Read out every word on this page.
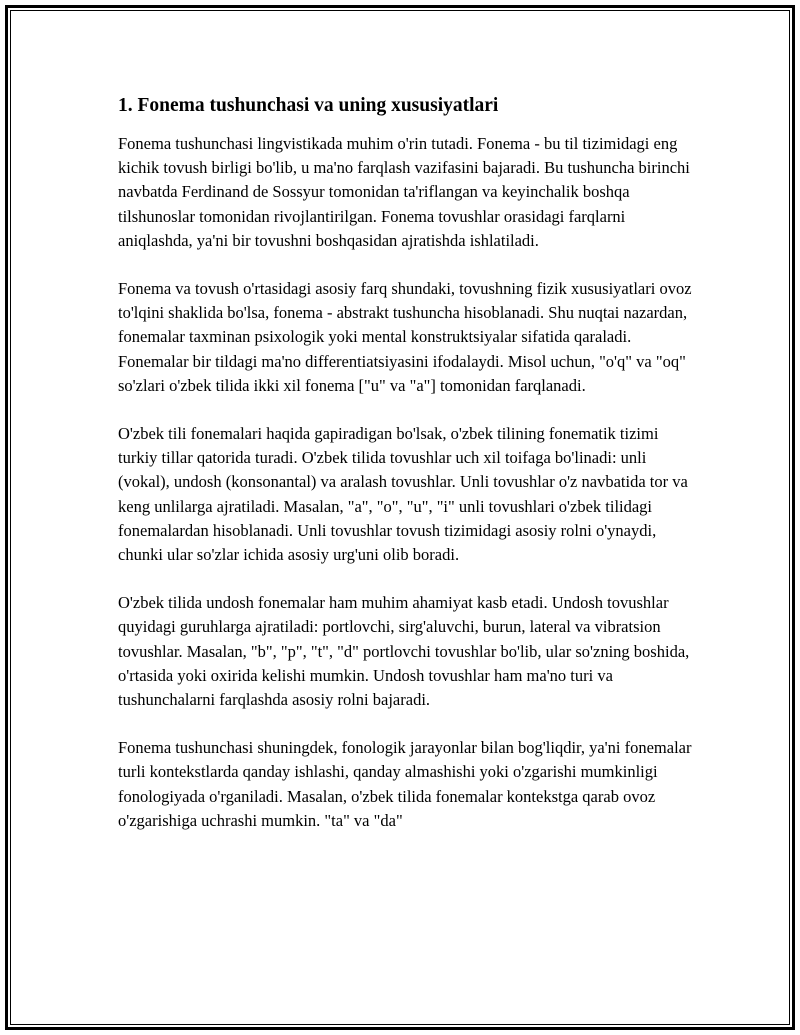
1. Fonema tushunchasi va uning xususiyatlari

Fonema tushunchasi lingvistikada muhim o'rin tutadi. Fonema - bu til tizimidagi eng kichik tovush birligi bo'lib, u ma'no farqlash vazifasini bajaradi. Bu tushuncha birinchi navbatda Ferdinand de Sossyur tomonidan ta'riflangan va keyinchalik boshqa tilshunoslar tomonidan rivojlantirilgan. Fonema tovushlar orasidagi farqlarni aniqlashda, ya'ni bir tovushni boshqasidan ajratishda ishlatiladi.

Fonema va tovush o'rtasidagi asosiy farq shundaki, tovushning fizik xususiyatlari ovoz to'lqini shaklida bo'lsa, fonema - abstrakt tushuncha hisoblanadi. Shu nuqtai nazardan, fonemalar taxminan psixologik yoki mental konstruktsiyalar sifatida qaraladi. Fonemalar bir tildagi ma'no differentiatsiyasini ifodalaydi. Misol uchun, "o'q" va "oq" so'zlari o'zbek tilida ikki xil fonema ["u" va "a"] tomonidan farqlanadi.

O'zbek tili fonemalari haqida gapiradigan bo'lsak, o'zbek tilining fonematik tizimi turkiy tillar qatorida turadi. O'zbek tilida tovushlar uch xil toifaga bo'linadi: unli (vokal), undosh (konsonantal) va aralash tovushlar. Unli tovushlar o'z navbatida tor va keng unlilarga ajratiladi. Masalan, "a", "o", "u", "i" unli tovushlari o'zbek tilidagi fonemalardan hisoblanadi. Unli tovushlar tovush tizimidagi asosiy rolni o'ynaydi, chunki ular so'zlar ichida asosiy urg'uni olib boradi.

O'zbek tilida undosh fonemalar ham muhim ahamiyat kasb etadi. Undosh tovushlar quyidagi guruhlarga ajratiladi: portlovchi, sirg'aluvchi, burun, lateral va vibratsion tovushlar. Masalan, "b", "p", "t", "d" portlovchi tovushlar bo'lib, ular so'zning boshida, o'rtasida yoki oxirida kelishi mumkin. Undosh tovushlar ham ma'no turi va tushunchalarni farqlashda asosiy rolni bajaradi.

Fonema tushunchasi shuningdek, fonologik jarayonlar bilan bog'liqdir, ya'ni fonemalar turli kontekstlarda qanday ishlashi, qanday almashishi yoki o'zgarishi mumkinligi fonologiyada o'rganiladi. Masalan, o'zbek tilida fonemalar kontekstga qarab ovoz o'zgarishiga uchrashi mumkin. "ta" va "da"
